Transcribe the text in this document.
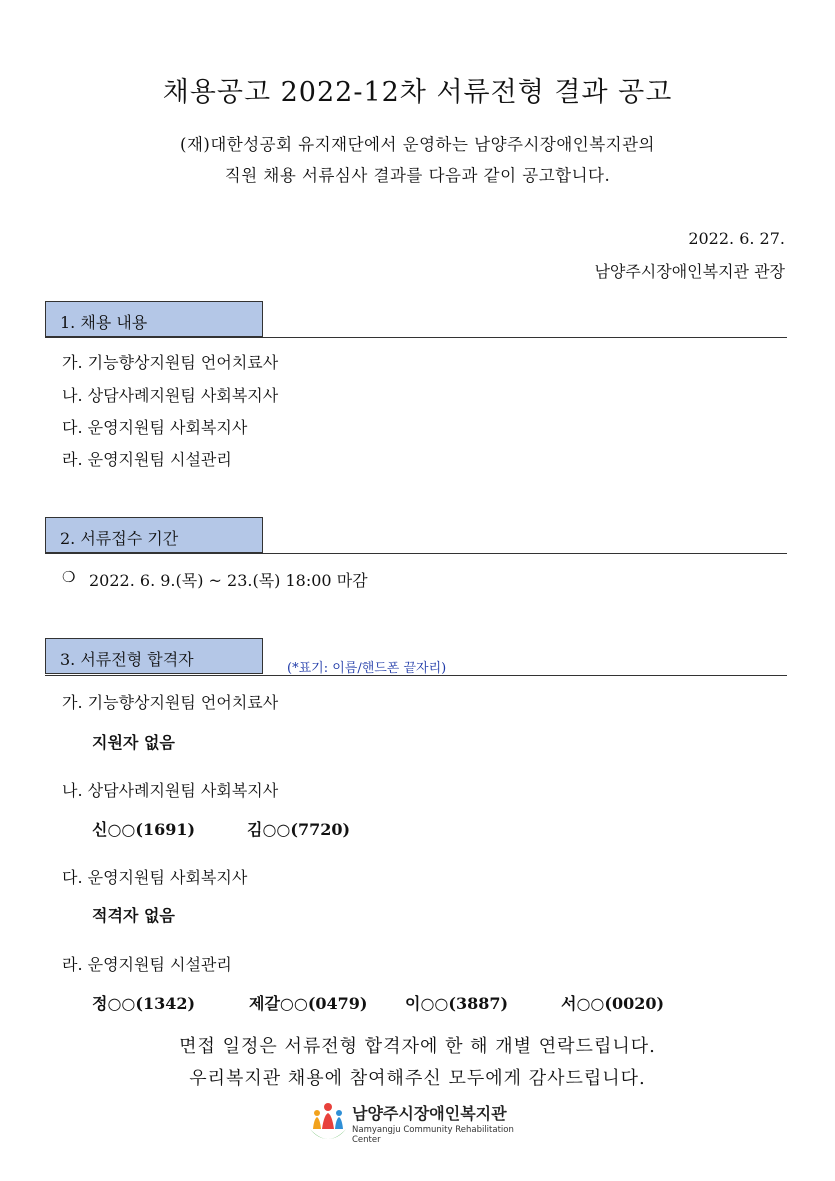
채용공고 2022-12차 서류전형 결과 공고
(재)대한성공회 유지재단에서 운영하는 남양주시장애인복지관의
직원 채용 서류심사 결과를 다음과 같이 공고합니다.
2022. 6. 27.
남양주시장애인복지관 관장
1. 채용 내용
가. 기능향상지원팀 언어치료사
나. 상담사례지원팀 사회복지사
다. 운영지원팀 사회복지사
라. 운영지원팀 시설관리
2. 서류접수 기간
❍ 2022. 6. 9.(목) ~ 23.(목) 18:00 마감
3. 서류전형 합격자	(*표기: 이름/핸드폰 끝자리)
가. 기능향상지원팀 언어치료사
지원자 없음
나. 상담사례지원팀 사회복지사
신○○(1691)	김○○(7720)
다. 운영지원팀 사회복지사
적격자 없음
라. 운영지원팀 시설관리
정○○(1342)	제갈○○(0479) 이○○(3887)	서○○(0020)
면접 일정은 서류전형 합격자에 한 해 개별 연락드립니다.
우리복지관 채용에 참여해주신 모두에게 감사드립니다.
남양주시장애인복지관
Namyangju Community Rehabilitation Center
